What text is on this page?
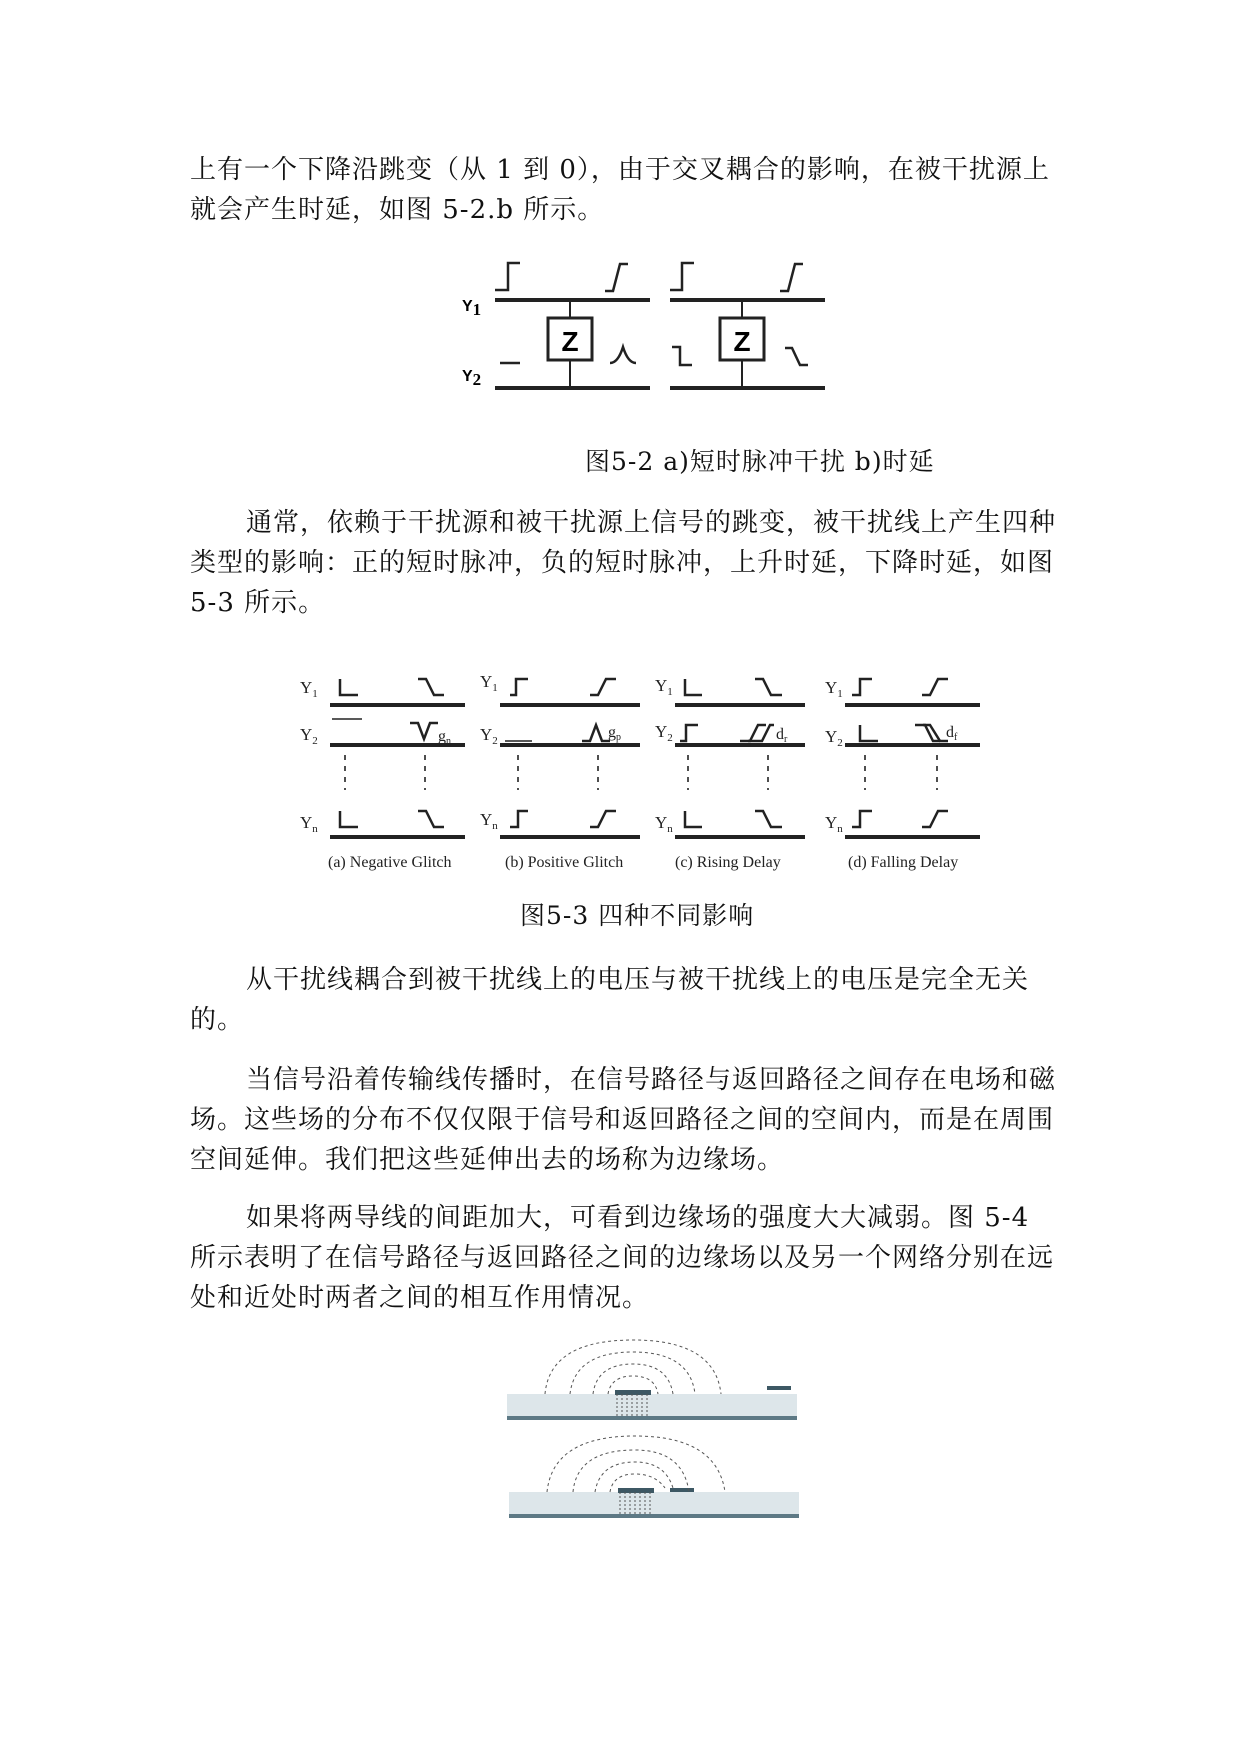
上有一个下降沿跳变（从 1 到 0），由于交叉耦合的影响，在被干扰源上就会产生时延，如图 5-2.b 所示。

Y1
Y2
Z	Z

图5-2 a)短时脉冲干扰 b)时延

通常，依赖于干扰源和被干扰源上信号的跳变，被干扰线上产生四种类型的影响：正的短时脉冲，负的短时脉冲，上升时延，下降时延，如图 5-3 所示。

$Y_1$
$Y_2$	gn
$Y_n$
(a) Negative Glitch
$Y_1$
$Y_2$	gp
$Y_n$
(b) Positive Glitch
$Y_1$
$Y_2$	dr
$Y_n$
(c) Rising Delay
$Y_1$
$Y_2$
df
$Y_n$
(d) Falling Delay

图5-3 四种不同影响

从干扰线耦合到被干扰线上的电压与被干扰线上的电压是完全无关的。

当信号沿着传输线传播时，在信号路径与返回路径之间存在电场和磁场。这些场的分布不仅仅限于信号和返回路径之间的空间内，而是在周围空间延伸。我们把这些延伸出去的场称为边缘场。

如果将两导线的间距加大，可看到边缘场的强度大大减弱。图 5-4 所示表明了在信号路径与返回路径之间的边缘场以及另一个网络分别在远处和近处时两者之间的相互作用情况。
